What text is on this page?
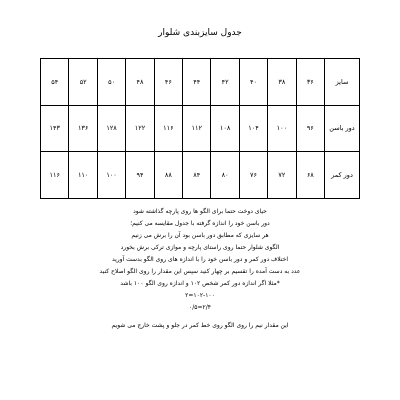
جدول سایزبندی شلوار
سایز	۳۶	۳۸	۴۰	۴۲	۴۴	۴۶	۴۸	۵۰	۵۲	۵۴
دور باسن	۹۶	۱۰۰	۱۰۴	۱۰۸	۱۱۲	۱۱۶	۱۲۲	۱۲۸	۱۳۶	۱۴۳
دور کمر	۶۸	۷۲	۷۶	۸۰	۸۴	۸۸	۹۴	۱۰۰	۱۱۰	۱۱۶

حیای دوخت حتما برای الگو ها روی پارچه گذاشته شود

دور باسن خود را اندازه گرفته با جدول مقایسه می کنیم؛

هر سایزی که مطابق دور باسن بود آن را برش می زنیم

الگوی شلوار حتما روی راستای پارچه و موازی ترکی برش بخورد

اختلاف دور کمر و دور باسن خود را با اندازه های روی الگو بدست آورید

عدد به دست آمده را تقسیم بر چهار کنید سپس این مقدار را روی الگو اصلاح کنید

*مثلا اگر اندازه دور کمر شخص ۱۰۲ و اندازه روی الگو ۱۰۰ باشد

۱۰۲-۱۰۰=۲

۲/۴=۰/۵

این مقدار نیم را روی الگو روی خط کمر در جلو و پشت خارج می شویم
